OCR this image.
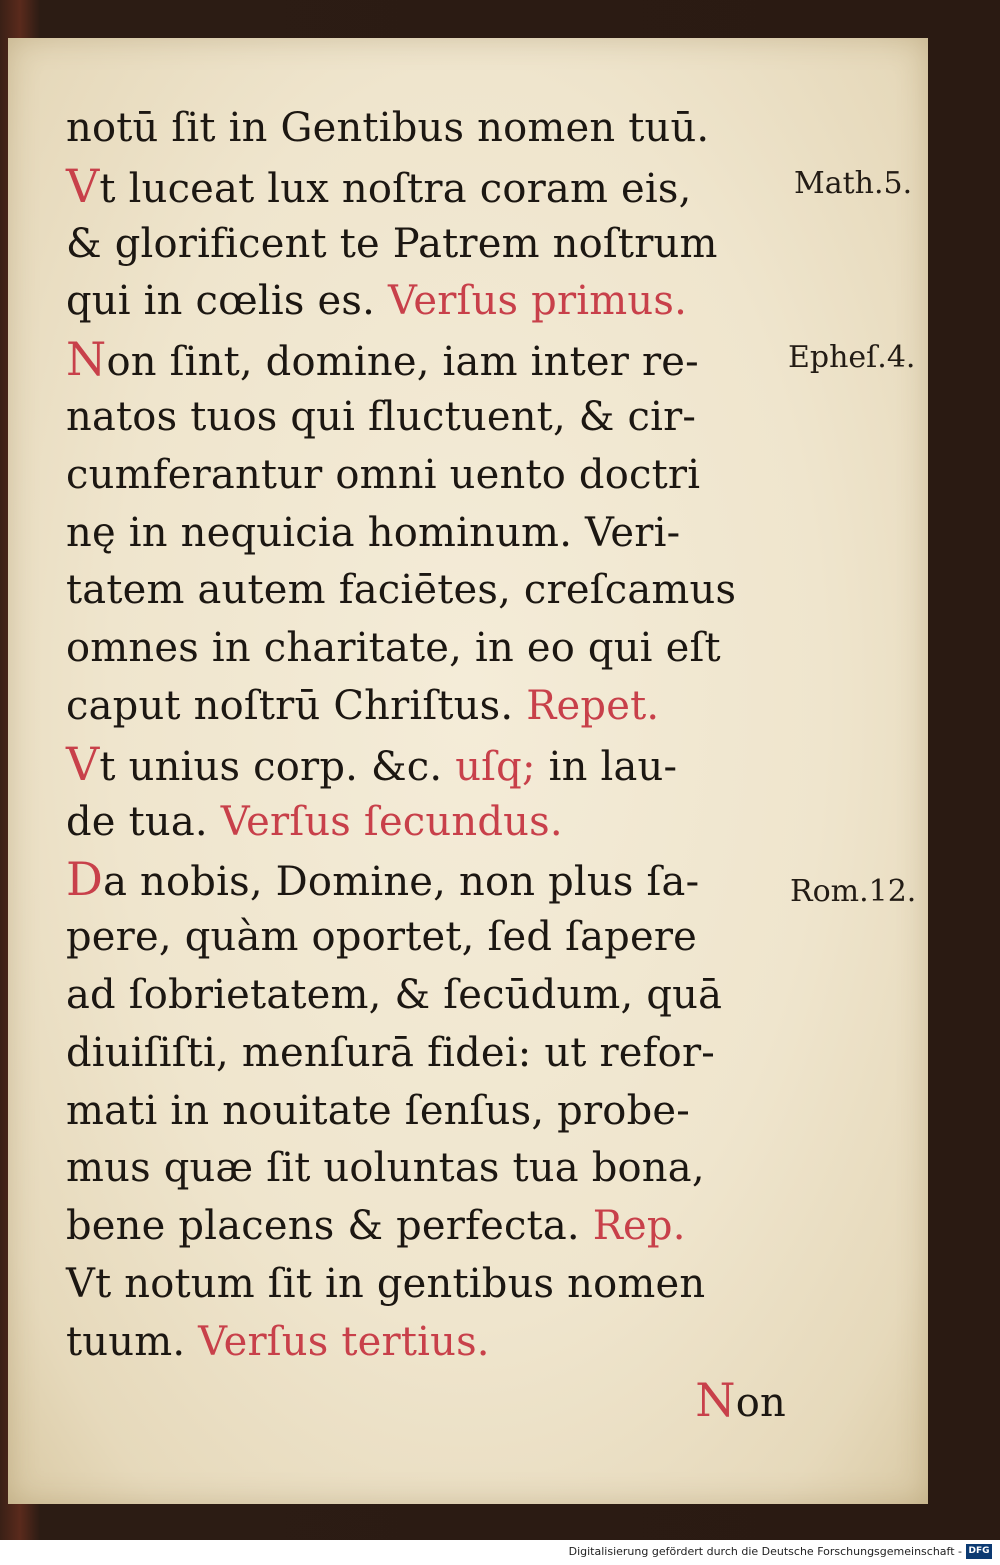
notū ſit in Gentibus nomen tuū.
Vt luceat lux noſtra coram eis,
& glorificent te Patrem noſtrum
qui in cœlis es. Verſus primus.
Non ſint, domine, iam inter re-
natos tuos qui fluctuent, & cir-
cumferantur omni uento doctri
nę in nequicia hominum. Veri-
tatem autem faciētes, creſcamus
omnes in charitate, in eo qui eſt
caput noſtrū Chriſtus. Repet.
Vt unius corp. &c. uſq; in lau-
de tua. Verſus ſecundus.
Da nobis, Domine, non plus ſa-
pere, quàm oportet, ſed ſapere
ad ſobrietatem, & ſecūdum, quā
diuiſiſti, menſurā fidei: ut refor-
mati in nouitate ſenſus, probe-
mus quæ ſit uoluntas tua bona,
bene placens & perfecta. Rep.
Vt notum ſit in gentibus nomen
tuum. Verſus tertius.
Non
Math.5.
Epheſ.4.
Rom.12.
Digitalisierung gefördert durch die Deutsche Forschungsgemeinschaft - DFG
